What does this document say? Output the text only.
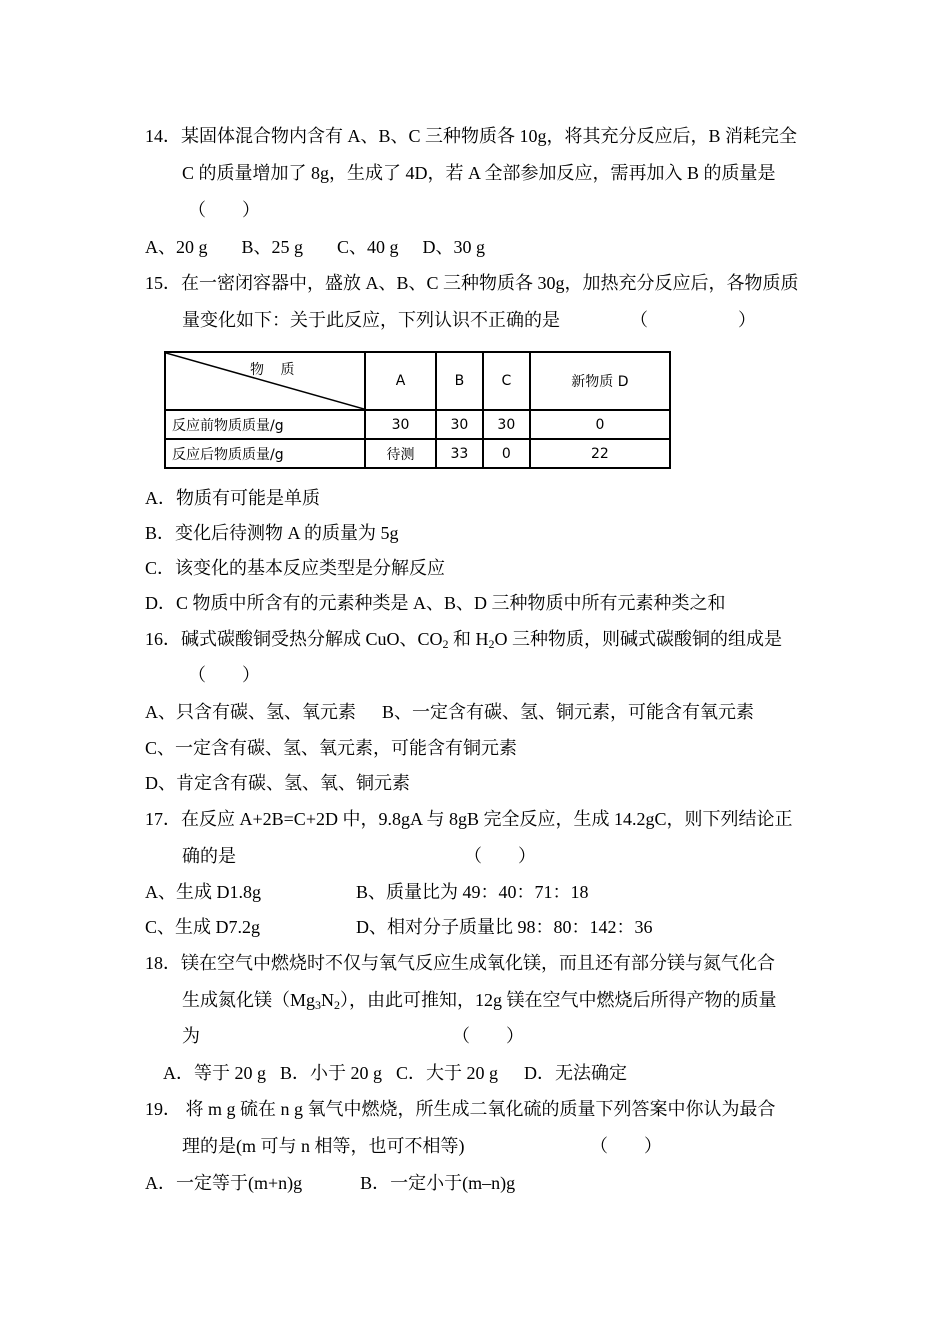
14．某固体混合物内含有 A、B、C 三种物质各 10g，将其充分反应后，B 消耗完全
C 的质量增加了 8g，生成了 4D，若 A 全部参加反应，需再加入 B 的质量是
（　　）
A、20 g B、25 g C、40 g D、30 g
15．在一密闭容器中，盛放 A、B、C 三种物质各 30g，加热充分反应后，各物质质
量变化如下：关于此反应，下列认识不正确的是	（　　　　　）
物 质	A	B	C	新物质 D
反应前物质质量/g	30	30	30	0
反应后物质质量/g	待测	33	0	22
A．物质有可能是单质
B．变化后待测物 A 的质量为 5g
C．该变化的基本反应类型是分解反应
D．C 物质中所含有的元素种类是 A、B、D 三种物质中所有元素种类之和
16．碱式碳酸铜受热分解成 CuO、$CO_2$ 和 $H_2O$ 三种物质，则碱式碳酸铜的组成是
（　　）
A、只含有碳、氢、氧元素 B、一定含有碳、氢、铜元素，可能含有氧元素
C、一定含有碳、氢、氧元素，可能含有铜元素
D、肯定含有碳、氢、氧、铜元素
17．在反应 A+2B=C+2D 中，9.8gA 与 8gB 完全反应，生成 14.2gC，则下列结论正
确的是	（　　）
A、生成 D1.8g	B、质量比为 49：40：71：18
C、生成 D7.2g	D、相对分子质量比 98：80：142：36
18．镁在空气中燃烧时不仅与氧气反应生成氧化镁，而且还有部分镁与氮气化合
生成氮化镁$(Mg_3N_2)$，由此可推知，12g 镁在空气中燃烧后所得产物的质量
为	（　　）
A．等于 20 g B．小于 20 g C．大于 20 g D．无法确定
19． 将 m g 硫在 n g 氧气中燃烧，所生成二氧化硫的质量下列答案中你认为最合
理的是(m 可与 n 相等，也可不相等)	（　　）
A．一定等于(m+n)g	B．一定小于(m–n)g
